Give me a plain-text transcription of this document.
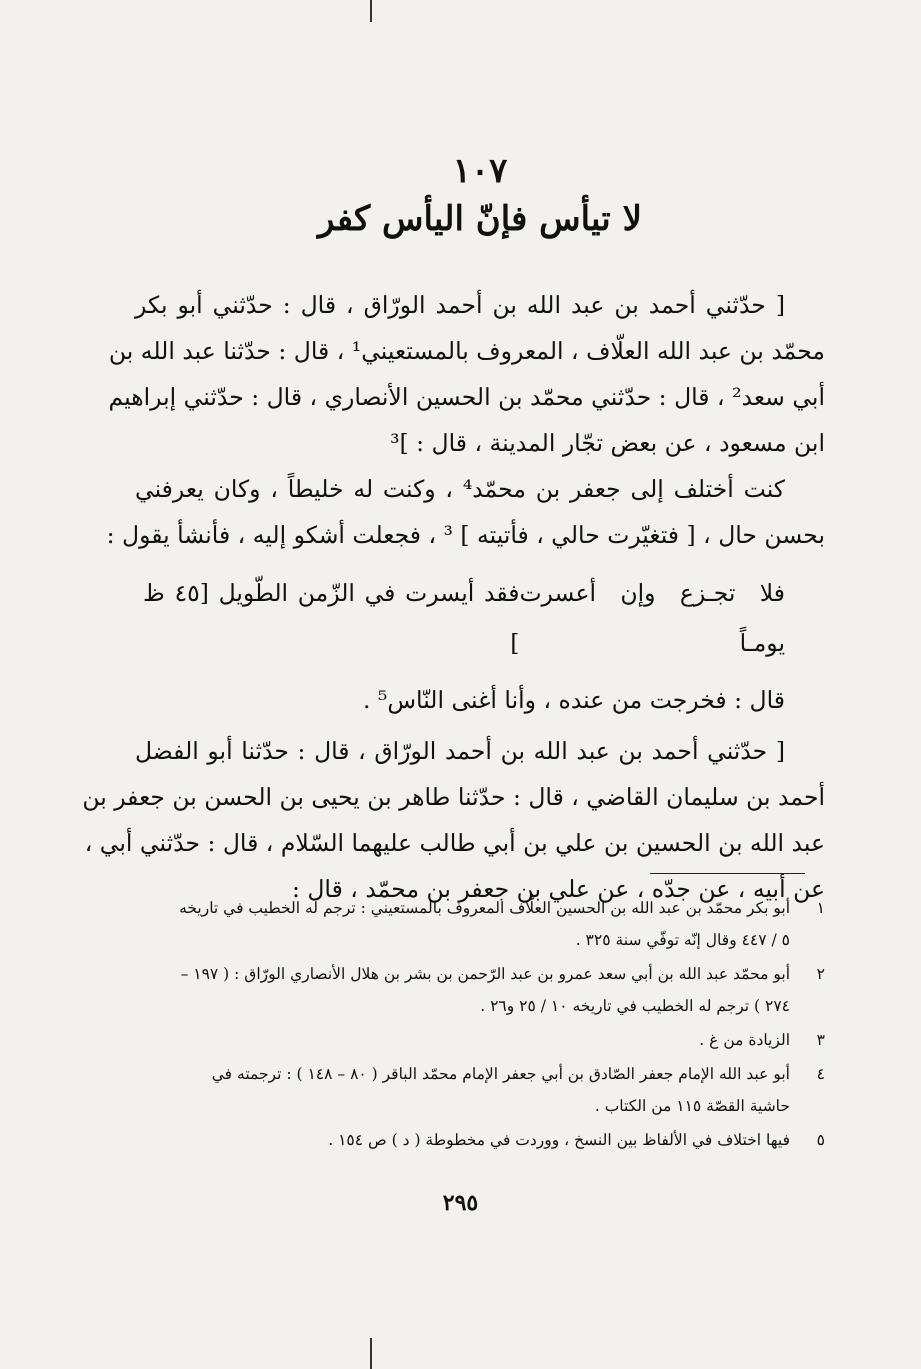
١٠٧
لا تيأس فإنّ اليأس كفر
[ حدّثني أحمد بن عبد الله بن أحمد الورّاق ، قال : حدّثني أبو بكر
محمّد بن عبد الله العلّاف ، المعروف بالمستعيني¹ ، قال : حدّثنا عبد الله بن
أبي سعد² ، قال : حدّثني محمّد بن الحسين الأنصاري ، قال : حدّثني إبراهيم
ابن مسعود ، عن بعض تجّار المدينة ، قال : ]³
كنت أختلف إلى جعفر بن محمّد⁴ ، وكنت له خليطاً ، وكان يعرفني
بحسن حال ، [ فتغيّرت حالي ، فأتيته ] ³ ، فجعلت أشكو إليه ، فأنشأ يقول :
فلا تجـزع وإن أعسرت يومـاً
فقد أيسرت في الزّمن الطّويل [٤٥ ظ ]
قال : فخرجت من عنده ، وأنا أغنى النّاس⁵ .
[ حدّثني أحمد بن عبد الله بن أحمد الورّاق ، قال : حدّثنا أبو الفضل
أحمد بن سليمان القاضي ، قال : حدّثنا طاهر بن يحيى بن الحسن بن جعفر بن
عبد الله بن الحسين بن علي بن أبي طالب عليهما السّلام ، قال : حدّثني أبي ،
عن أبيه ، عن جدّه ، عن علي بن جعفر بن محمّد ، قال :
١
أبو بكر محمّد بن عبد الله بن الحسين العلّاف المعروف بالمستعيني : ترجم له الخطيب في تاريخه
٥ / ٤٤٧ وقال إنّه توفّي سنة ٣٢٥ .
٢
أبو محمّد عبد الله بن أبي سعد عمرو بن عبد الرّحمن بن بشر بن هلال الأنصاري الورّاق : ( ١٩٧ –
٢٧٤ ) ترجم له الخطيب في تاريخه ١٠ / ٢٥ و٢٦ .
٣
الزيادة من غ .
٤
أبو عبد الله الإمام جعفر الصّادق بن أبي جعفر الإمام محمّد الباقر ( ٨٠ – ١٤٨ ) : ترجمته في
حاشية القصّة ١١٥ من الكتاب .
٥
فيها اختلاف في الألفاظ بين النسخ ، ووردت في مخطوطة ( د ) ص ١٥٤ .
٢٩٥
